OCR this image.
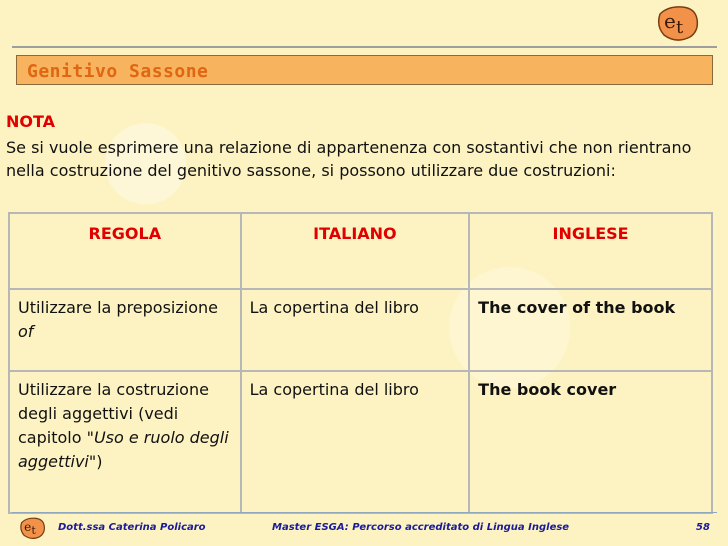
e t
Genitivo Sassone
NOTA
Se si vuole esprimere una relazione di appartenenza con sostantivi che non rientrano nella costruzione del genitivo sassone, si possono utilizzare due costruzioni:
REGOLA	ITALIANO	INGLESE
Utilizzare la preposizione of	La copertina del libro	The cover of the book
Utilizzare la costruzione degli aggettivi (vedi capitolo "Uso e ruolo degli aggettivi")	La copertina del libro	The book cover
e t Dott.ssa Caterina Policaro	Master ESGA: Percorso accreditato di Lingua Inglese	58
